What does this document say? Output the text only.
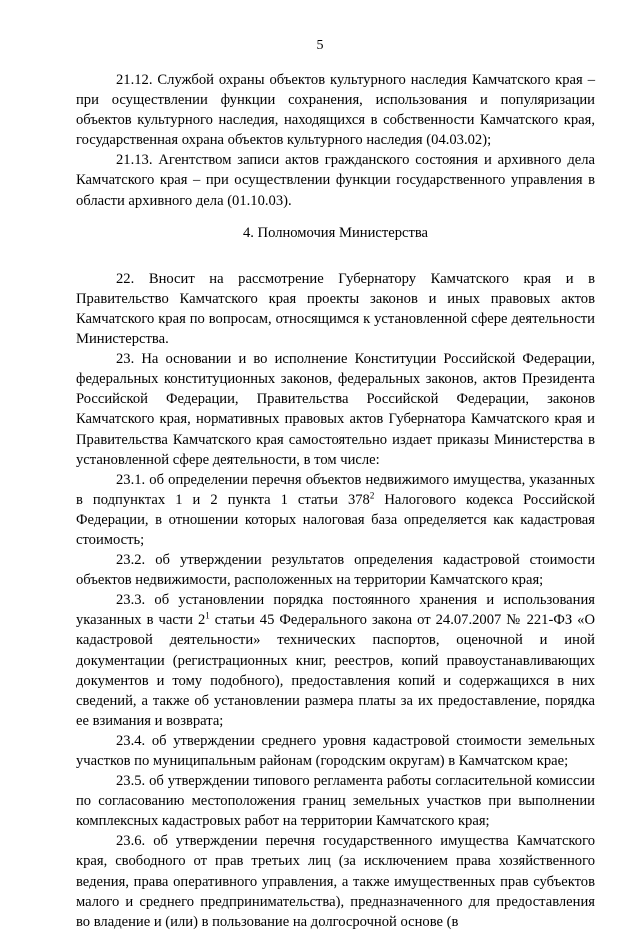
5

21.12. Службой охраны объектов культурного наследия Камчатского края – при осуществлении функции сохранения, использования и популяризации объектов культурного наследия, находящихся в собственности Камчатского края, государственная охрана объектов культурного наследия (04.03.02);

21.13. Агентством записи актов гражданского состояния и архивного дела Камчатского края – при осуществлении функции государственного управления в области архивного дела (01.10.03).

4. Полномочия Министерства

22. Вносит на рассмотрение Губернатору Камчатского края и в Правительство Камчатского края проекты законов и иных правовых актов Камчатского края по вопросам, относящимся к установленной сфере деятельности Министерства.

23. На основании и во исполнение Конституции Российской Федерации, федеральных конституционных законов, федеральных законов, актов Президента Российской Федерации, Правительства Российской Федерации, законов Камчатского края, нормативных правовых актов Губернатора Камчатского края и Правительства Камчатского края самостоятельно издает приказы Министерства в установленной сфере деятельности, в том числе:

23.1. об определении перечня объектов недвижимого имущества, указанных в подпунктах 1 и 2 пункта 1 статьи $378^2$ Налогового кодекса Российской Федерации, в отношении которых налоговая база определяется как кадастровая стоимость;

23.2. об утверждении результатов определения кадастровой стоимости объектов недвижимости, расположенных на территории Камчатского края;

23.3. об установлении порядка постоянного хранения и использования указанных в части $2^1$ статьи 45 Федерального закона от 24.07.2007 № 221-ФЗ «О кадастровой деятельности» технических паспортов, оценочной и иной документации (регистрационных книг, реестров, копий правоустанавливающих документов и тому подобного), предоставления копий и содержащихся в них сведений, а также об установлении размера платы за их предоставление, порядка ее взимания и возврата;

23.4. об утверждении среднего уровня кадастровой стоимости земельных участков по муниципальным районам (городским округам) в Камчатском крае;

23.5. об утверждении типового регламента работы согласительной комиссии по согласованию местоположения границ земельных участков при выполнении комплексных кадастровых работ на территории Камчатского края;

23.6. об утверждении перечня государственного имущества Камчатского края, свободного от прав третьих лиц (за исключением права хозяйственного ведения, права оперативного управления, а также имущественных прав субъектов малого и среднего предпринимательства), предназначенного для предоставления во владение и (или) в пользование на долгосрочной основе (в
